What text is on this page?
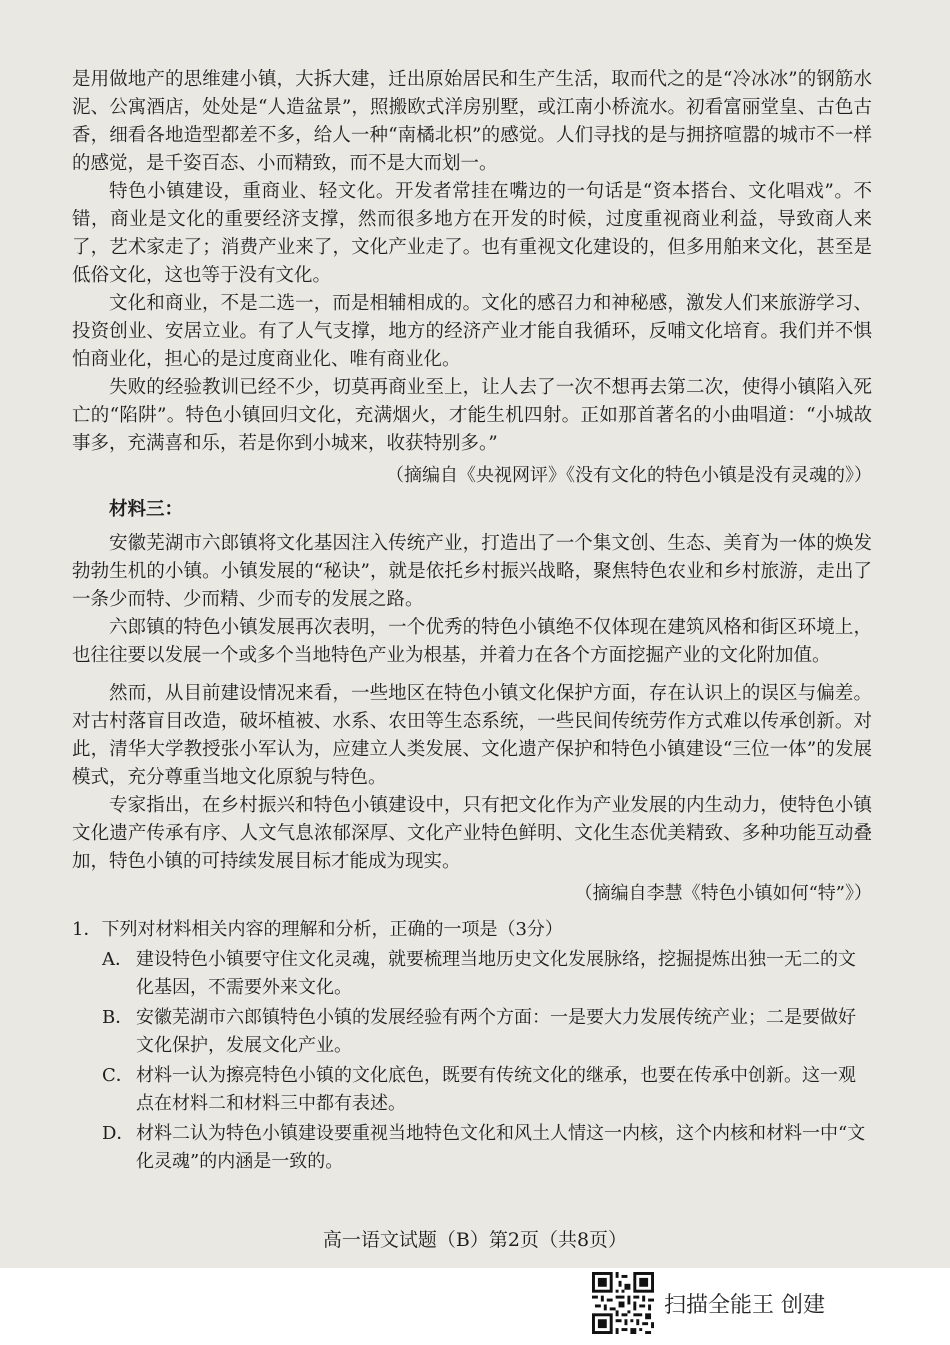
是用做地产的思维建小镇，大拆大建，迁出原始居民和生产生活，取而代之的是“冷冰冰”的钢筋水泥、公寓酒店，处处是“人造盆景”，照搬欧式洋房别墅，或江南小桥流水。初看富丽堂皇、古色古香，细看各地造型都差不多，给人一种“南橘北枳”的感觉。人们寻找的是与拥挤喧嚣的城市不一样的感觉，是千姿百态、小而精致，而不是大而划一。

特色小镇建设，重商业、轻文化。开发者常挂在嘴边的一句话是“资本搭台、文化唱戏”。不错，商业是文化的重要经济支撑，然而很多地方在开发的时候，过度重视商业利益，导致商人来了，艺术家走了；消费产业来了，文化产业走了。也有重视文化建设的，但多用舶来文化，甚至是低俗文化，这也等于没有文化。

文化和商业，不是二选一，而是相辅相成的。文化的感召力和神秘感，激发人们来旅游学习、投资创业、安居立业。有了人气支撑，地方的经济产业才能自我循环，反哺文化培育。我们并不惧怕商业化，担心的是过度商业化、唯有商业化。

失败的经验教训已经不少，切莫再商业至上，让人去了一次不想再去第二次，使得小镇陷入死亡的“陷阱”。特色小镇回归文化，充满烟火，才能生机四射。正如那首著名的小曲唱道：“小城故事多，充满喜和乐，若是你到小城来，收获特别多。”

（摘编自《央视网评》《没有文化的特色小镇是没有灵魂的》）
材料三：

安徽芜湖市六郎镇将文化基因注入传统产业，打造出了一个集文创、生态、美育为一体的焕发勃勃生机的小镇。小镇发展的“秘诀”，就是依托乡村振兴战略，聚焦特色农业和乡村旅游，走出了一条少而特、少而精、少而专的发展之路。

六郎镇的特色小镇发展再次表明，一个优秀的特色小镇绝不仅体现在建筑风格和街区环境上，也往往要以发展一个或多个当地特色产业为根基，并着力在各个方面挖掘产业的文化附加值。

然而，从目前建设情况来看，一些地区在特色小镇文化保护方面，存在认识上的误区与偏差。对古村落盲目改造，破坏植被、水系、农田等生态系统，一些民间传统劳作方式难以传承创新。对此，清华大学教授张小军认为，应建立人类发展、文化遗产保护和特色小镇建设“三位一体”的发展模式，充分尊重当地文化原貌与特色。

专家指出，在乡村振兴和特色小镇建设中，只有把文化作为产业发展的内生动力，使特色小镇文化遗产传承有序、人文气息浓郁深厚、文化产业特色鲜明、文化生态优美精致、多种功能互动叠加，特色小镇的可持续发展目标才能成为现实。

（摘编自李慧《特色小镇如何“特”》）

1．下列对材料相关内容的理解和分析，正确的一项是（3分）

A． 建设特色小镇要守住文化灵魂，就要梳理当地历史文化发展脉络，挖掘提炼出独一无二的文化基因，不需要外来文化。
B． 安徽芜湖市六郎镇特色小镇的发展经验有两个方面：一是要大力发展传统产业；二是要做好文化保护，发展文化产业。
C． 材料一认为擦亮特色小镇的文化底色，既要有传统文化的继承，也要在传承中创新。这一观点在材料二和材料三中都有表述。
D． 材料二认为特色小镇建设要重视当地特色文化和风土人情这一内核，这个内核和材料一中“文化灵魂”的内涵是一致的。
高一语文试题（B）第2页（共8页）
扫描全能王 创建
